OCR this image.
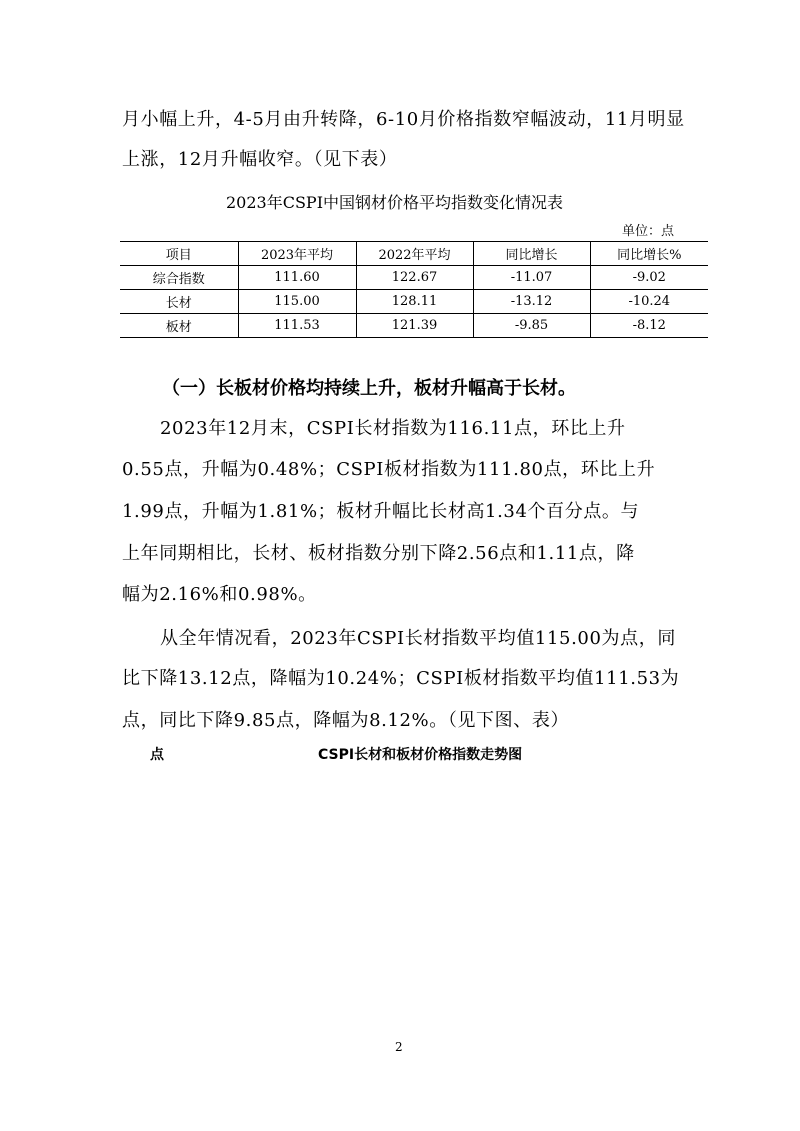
月小幅上升，4-5月由升转降，6-10月价格指数窄幅波动，11月明显
上涨，12月升幅收窄。（见下表）
2023年CSPI中国钢材价格平均指数变化情况表
单位：点
项目	2023年平均	2022年平均	同比增长	同比增长%
综合指数	111.60	122.67	-11.07	-9.02
长材	115.00	128.11	-13.12	-10.24
板材	111.53	121.39	-9.85	-8.12
（一）长板材价格均持续上升，板材升幅高于长材。
2023年12月末，CSPI长材指数为116.11点，环比上升
0.55点，升幅为0.48%；CSPI板材指数为111.80点，环比上升
1.99点，升幅为1.81%；板材升幅比长材高1.34个百分点。与
上年同期相比，长材、板材指数分别下降2.56点和1.11点，降
幅为2.16%和0.98%。
从全年情况看，2023年CSPI长材指数平均值115.00为点，同
比下降13.12点，降幅为10.24%；CSPI板材指数平均值111.53为
点，同比下降9.85点，降幅为8.12%。（见下图、表）
点	CSPI长材和板材价格指数走势图
2
